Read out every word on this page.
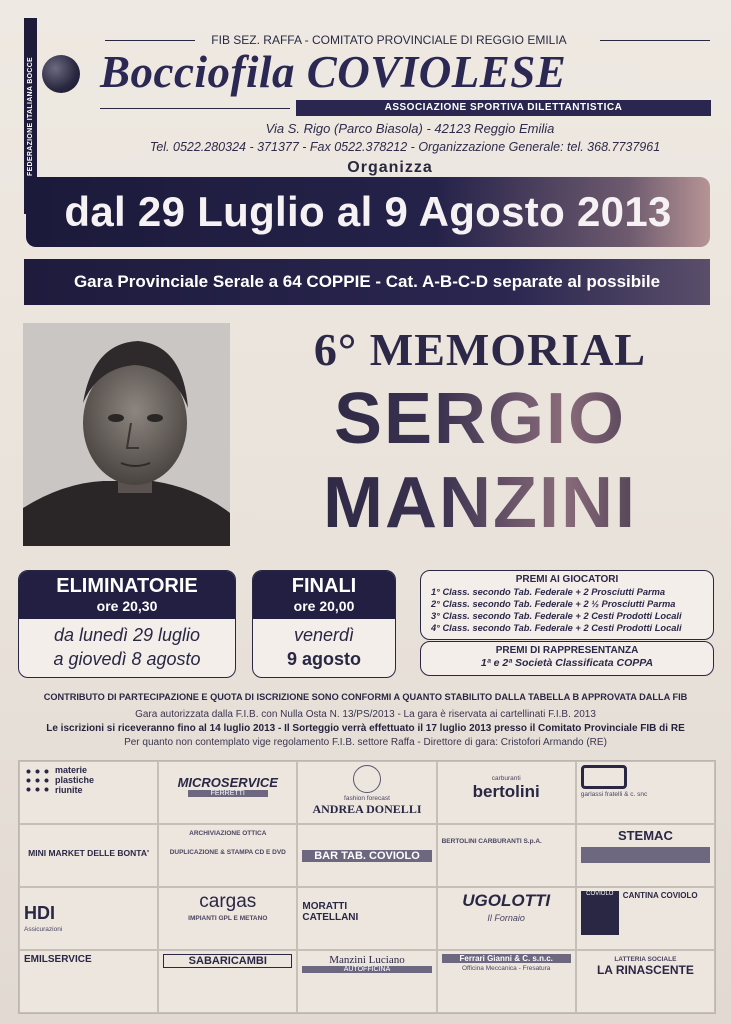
FEDERAZIONE ITALIANA BOCCE
FIB SEZ. RAFFA - COMITATO PROVINCIALE DI REGGIO EMILIA
Bocciofila COVIOLESE
ASSOCIAZIONE SPORTIVA DILETTANTISTICA
Via S. Rigo (Parco Biasola) - 42123 Reggio Emilia
Tel. 0522.280324 - 371377 - Fax 0522.378212 - Organizzazione Generale: tel. 368.7737961
Organizza
dal 29 Luglio al 9 Agosto 2013
Gara Provinciale Serale a 64 COPPIE - Cat. A-B-C-D separate al possibile
6° MEMORIAL
SERGIO
MANZINI
ELIMINATORIE
ore 20,30
da lunedì 29 luglio
a giovedì 8 agosto
FINALI
ore 20,00
venerdì
9 agosto
PREMI AI GIOCATORI
1° Class. secondo Tab. Federale + 2 Prosciutti Parma
2° Class. secondo Tab. Federale + 2 ½ Prosciutti Parma
3° Class. secondo Tab. Federale + 2 Cesti Prodotti Locali
4° Class. secondo Tab. Federale + 2 Cesti Prodotti Locali
PREMI DI RAPPRESENTANZA
1ª e 2ª Società Classificata COPPA
CONTRIBUTO DI PARTECIPAZIONE E QUOTA DI ISCRIZIONE SONO CONFORMI A QUANTO STABILITO DALLA TABELLA B APPROVATA DALLA FIB
Gara autorizzata dalla F.I.B. con Nulla Osta N. 13/PS/2013 - La gara è riservata ai cartellinati F.I.B. 2013
Le iscrizioni si riceveranno fino al 14 luglio 2013 - Il Sorteggio verrà effettuato il 17 luglio 2013 presso il Comitato Provinciale FIB di RE
Per quanto non contemplato vige regolamento F.I.B. settore Raffa - Direttore di gara: Cristofori Armando (RE)
materie plastiche riunite	MICROSERVICE
FERRETTI
fashion forecast
ANDREA DONELLI
carburanti
bertolini	garlassi fratelli & c. snc
MINI MARKET DELLE BONTA'
ARCHIVIAZIONE OTTICA
DUPLICAZIONE & STAMPA CD E DVD	BAR TAB. COVIOLO
BERTOLINI CARBURANTI S.p.A.	STEMAC
HDI
Assicurazioni
cargas
IMPIANTI GPL E METANO
MORATTI CATELLANI
UGOLOTTI
Il Fornaio
COVIOLO	CANTINA COVIOLO
EMILSERVICE	SABARICAMBI	Manzini Luciano
AUTOFFICINA
Ferrari Gianni & C. s.n.c.
Officina Meccanica - Fresatura
LATTERIA SOCIALE
LA RINASCENTE
